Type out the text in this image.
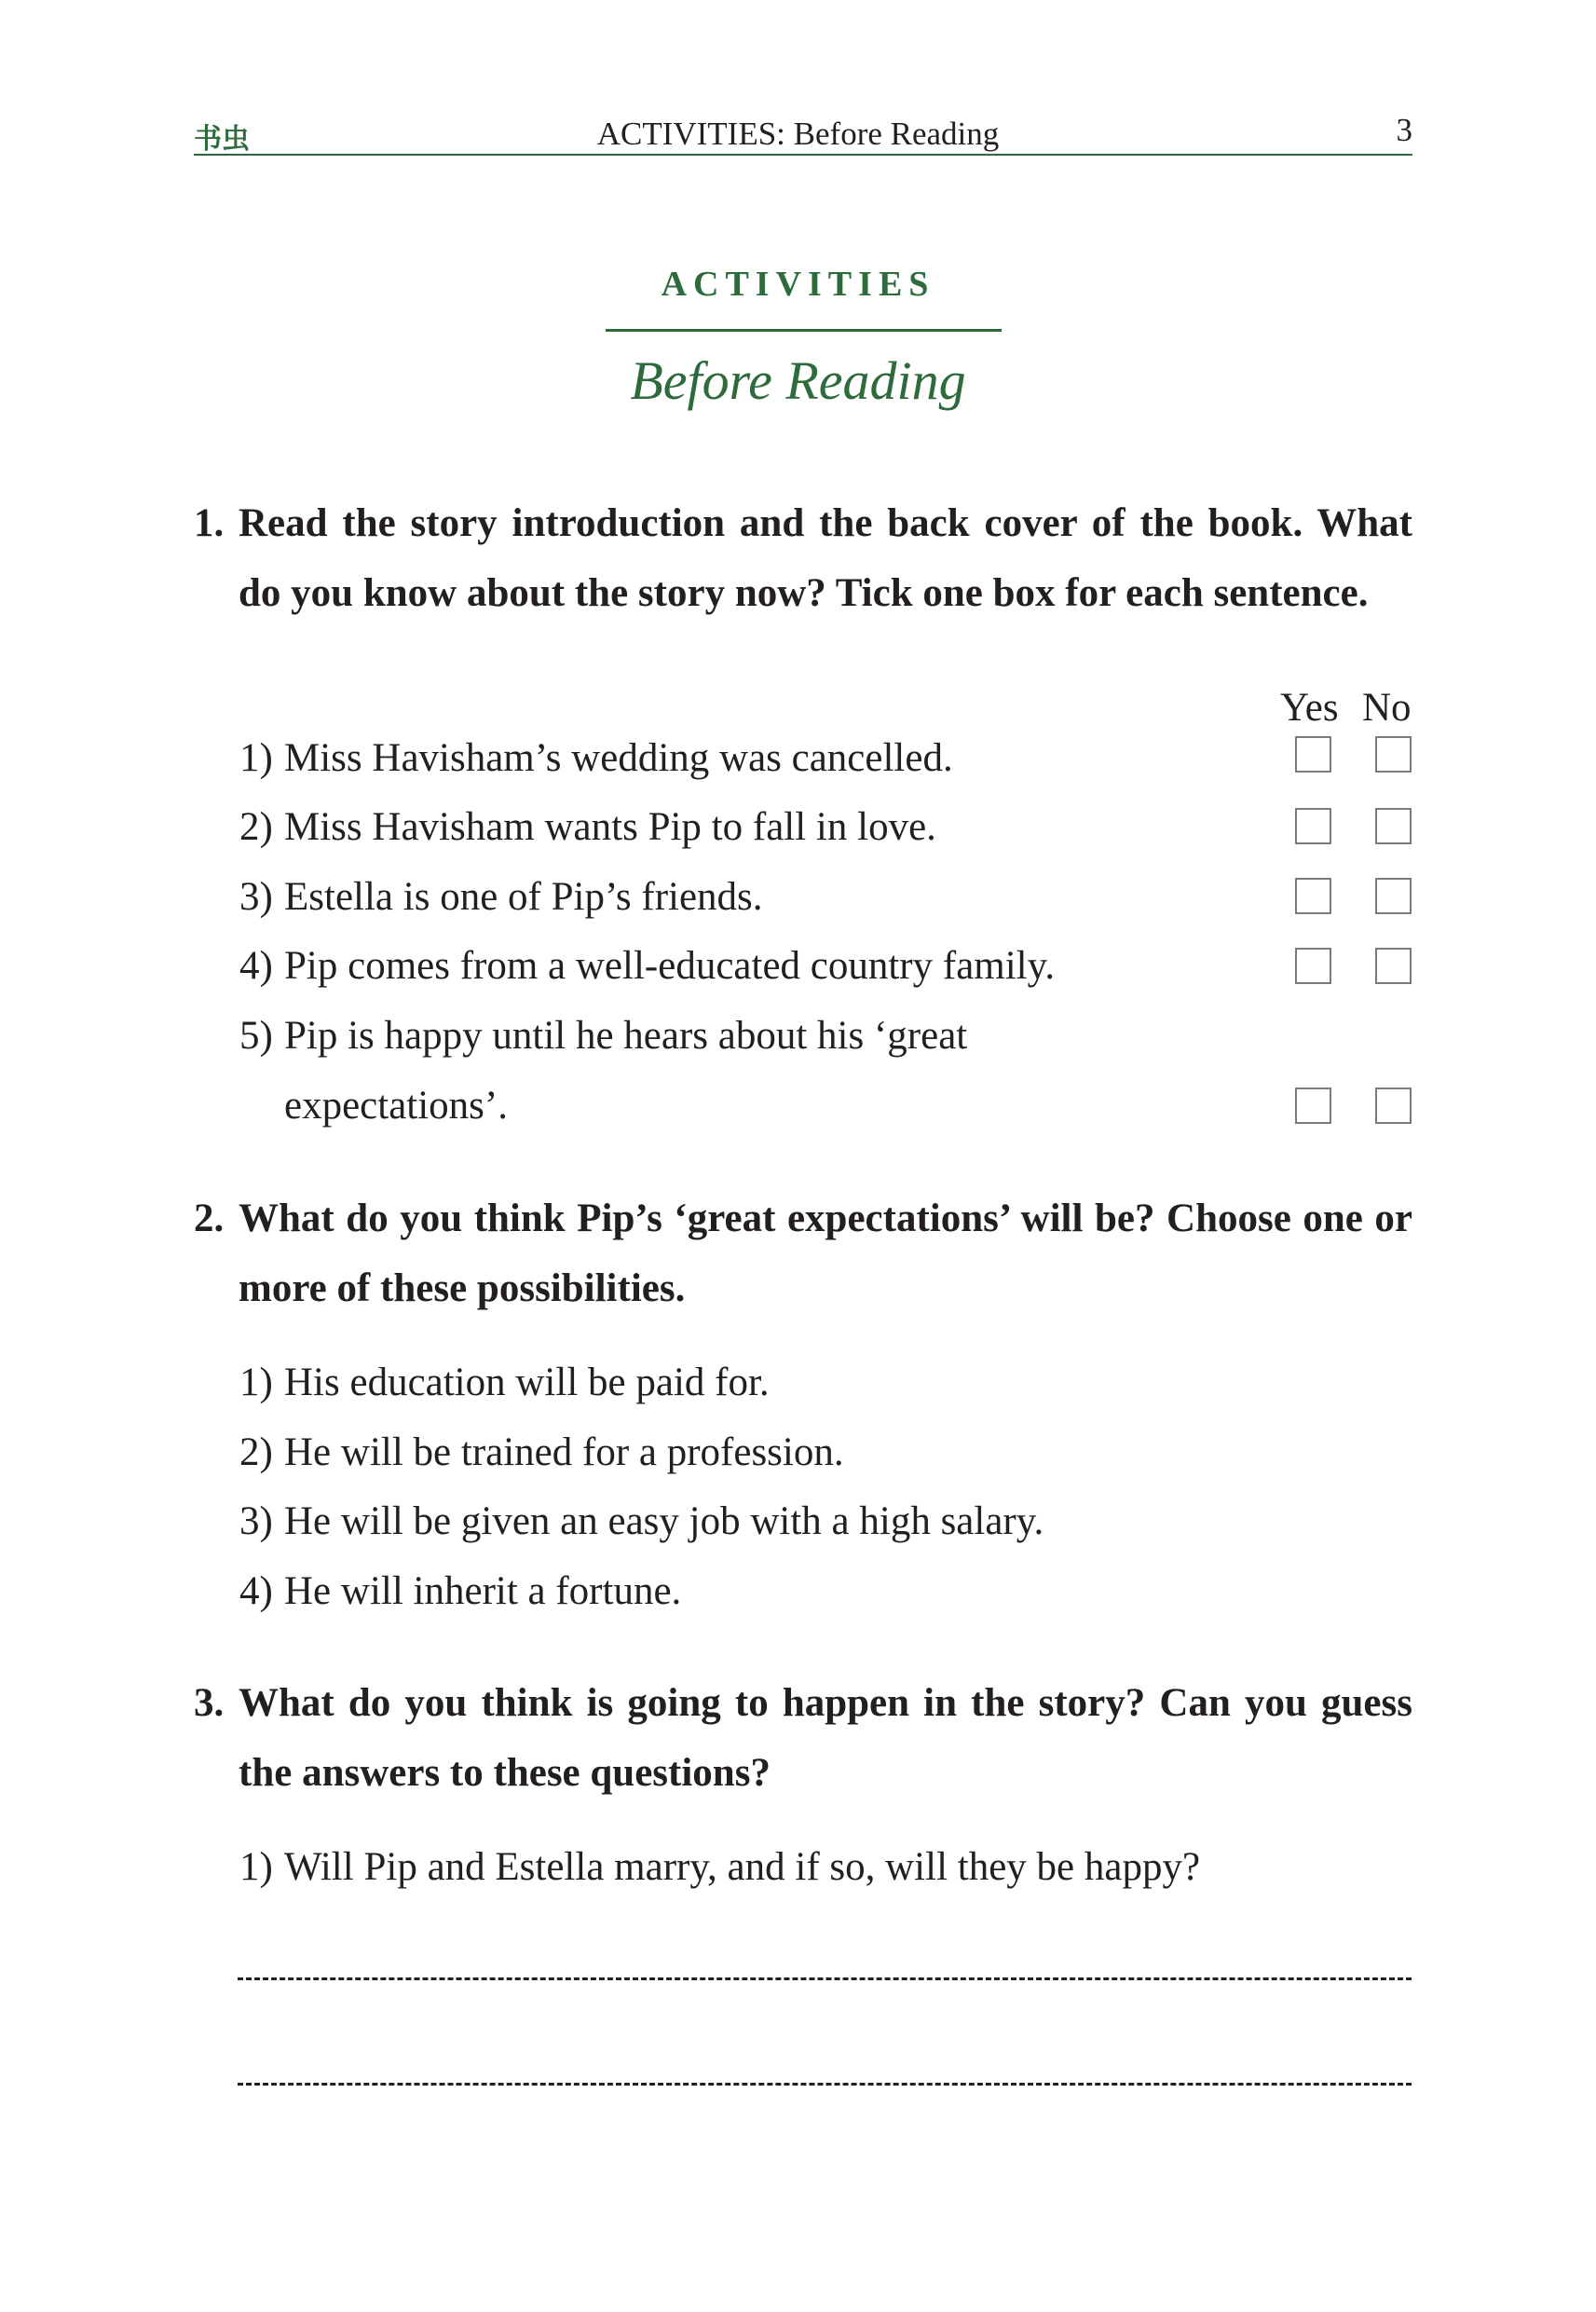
书虫	ACTIVITIES: Before Reading	3
ACTIVITIES
Before Reading
1. Read the story introduction and the back cover of the book. What do you know about the story now? Tick one box for each sentence.
Yes No
1) Miss Havisham’s wedding was cancelled.
2) Miss Havisham wants Pip to fall in love.
3) Estella is one of Pip’s friends.
4) Pip comes from a well-educated country family.
5) Pip is happy until he hears about his ‘great
expectations’.
2. What do you think Pip’s ‘great expectations’ will be? Choose one or more of these possibilities.
1) His education will be paid for.
2) He will be trained for a profession.
3) He will be given an easy job with a high salary.
4) He will inherit a fortune.
3. What do you think is going to happen in the story? Can you guess the answers to these questions?
1) Will Pip and Estella marry, and if so, will they be happy?
